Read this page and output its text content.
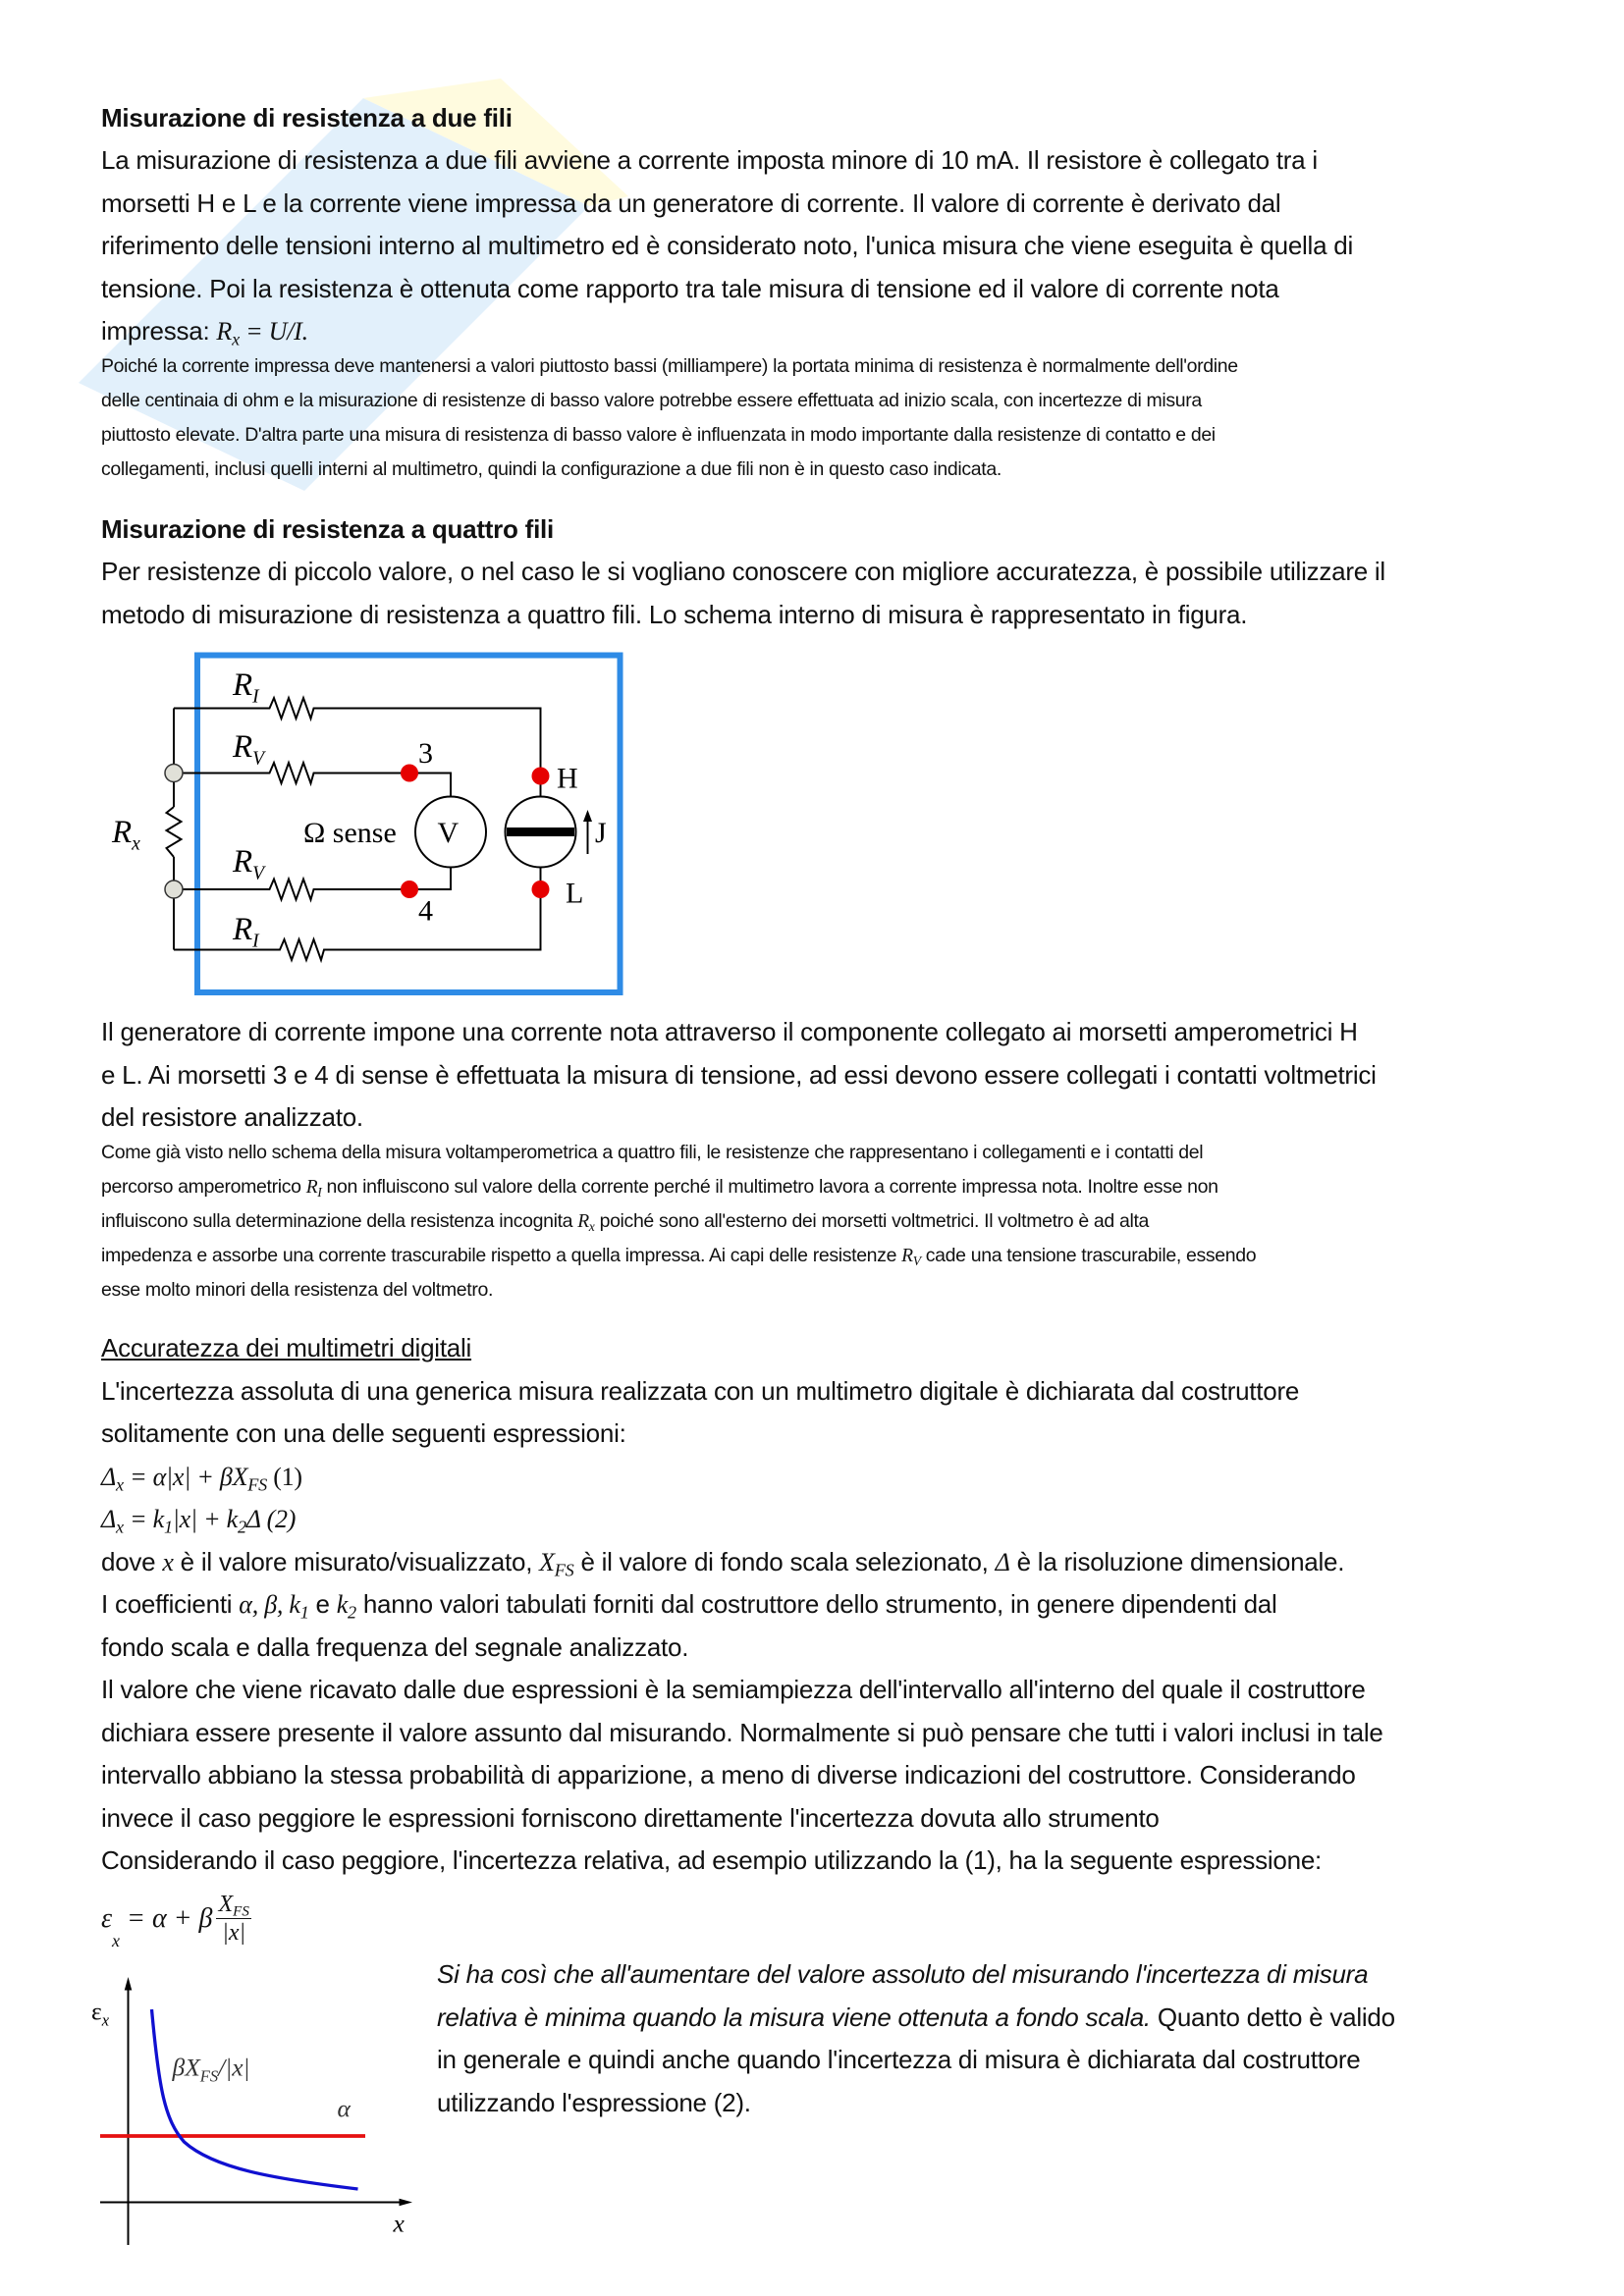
Misurazione di resistenza a due fili
La misurazione di resistenza a due fili avviene a corrente imposta minore di 10 mA. Il resistore è collegato tra i
morsetti H e L e la corrente viene impressa da un generatore di corrente. Il valore di corrente è derivato dal
riferimento delle tensioni interno al multimetro ed è considerato noto, l'unica misura che viene eseguita è quella di
tensione. Poi la resistenza è ottenuta come rapporto tra tale misura di tensione ed il valore di corrente nota
impressa: $R_x = U/I$.
Poiché la corrente impressa deve mantenersi a valori piuttosto bassi (milliampere) la portata minima di resistenza è normalmente dell'ordine
delle centinaia di ohm e la misurazione di resistenze di basso valore potrebbe essere effettuata ad inizio scala, con incertezze di misura
piuttosto elevate. D'altra parte una misura di resistenza di basso valore è influenzata in modo importante dalla resistenze di contatto e dei
collegamenti, inclusi quelli interni al multimetro, quindi la configurazione a due fili non è in questo caso indicata.
Misurazione di resistenza a quattro fili
Per resistenze di piccolo valore, o nel caso le si vogliano conoscere con migliore accuratezza, è possibile utilizzare il
metodo di misurazione di resistenza a quattro fili. Lo schema interno di misura è rappresentato in figura.
$R_I$
$R_V$
$R_V$
$R_I$
$R_x$
3
4
H
L
Ω sense V	J
Il generatore di corrente impone una corrente nota attraverso il componente collegato ai morsetti amperometrici H
e L. Ai morsetti 3 e 4 di sense è effettuata la misura di tensione, ad essi devono essere collegati i contatti voltmetrici
del resistore analizzato.
Come già visto nello schema della misura voltamperometrica a quattro fili, le resistenze che rappresentano i collegamenti e i contatti del
percorso amperometrico $R_I$ non influiscono sul valore della corrente perché il multimetro lavora a corrente impressa nota. Inoltre esse non
influiscono sulla determinazione della resistenza incognita $R_x$ poiché sono all'esterno dei morsetti voltmetrici. Il voltmetro è ad alta
impedenza e assorbe una corrente trascurabile rispetto a quella impressa. Ai capi delle resistenze $R_V$ cade una tensione trascurabile, essendo
esse molto minori della resistenza del voltmetro.
Accuratezza dei multimetri digitali
L'incertezza assoluta di una generica misura realizzata con un multimetro digitale è dichiarata dal costruttore
solitamente con una delle seguenti espressioni:
$\Delta_x = \alpha|x| + \beta X_{FS}$ (1)
$\Delta_x = k_1|x| + k_2\Delta$ (2)
dove x è il valore misurato/visualizzato, $X_{FS}$ è il valore di fondo scala selezionato, Δ è la risoluzione dimensionale.
I coefficienti α, β, $k_1$ e $k_2$ hanno valori tabulati forniti dal costruttore dello strumento, in genere dipendenti dal
fondo scala e dalla frequenza del segnale analizzato.
Il valore che viene ricavato dalle due espressioni è la semiampiezza dell'intervallo all'interno del quale il costruttore
dichiara essere presente il valore assunto dal misurando. Normalmente si può pensare che tutti i valori inclusi in tale
intervallo abbiano la stessa probabilità di apparizione, a meno di diverse indicazioni del costruttore. Considerando
invece il caso peggiore le espressioni forniscono direttamente l'incertezza dovuta allo strumento
Considerando il caso peggiore, l'incertezza relativa, ad esempio utilizzando la (1), ha la seguente espressione:
ε
x
= α + β $X_{FS}$
|x|
$\varepsilon_x$
$\beta X_{FS}/|x|$
α
x
Si ha così che all'aumentare del valore assoluto del misurando l'incertezza di misura
relativa è minima quando la misura viene ottenuta a fondo scala. Quanto detto è valido
in generale e quindi anche quando l'incertezza di misura è dichiarata dal costruttore
utilizzando l'espressione (2).
